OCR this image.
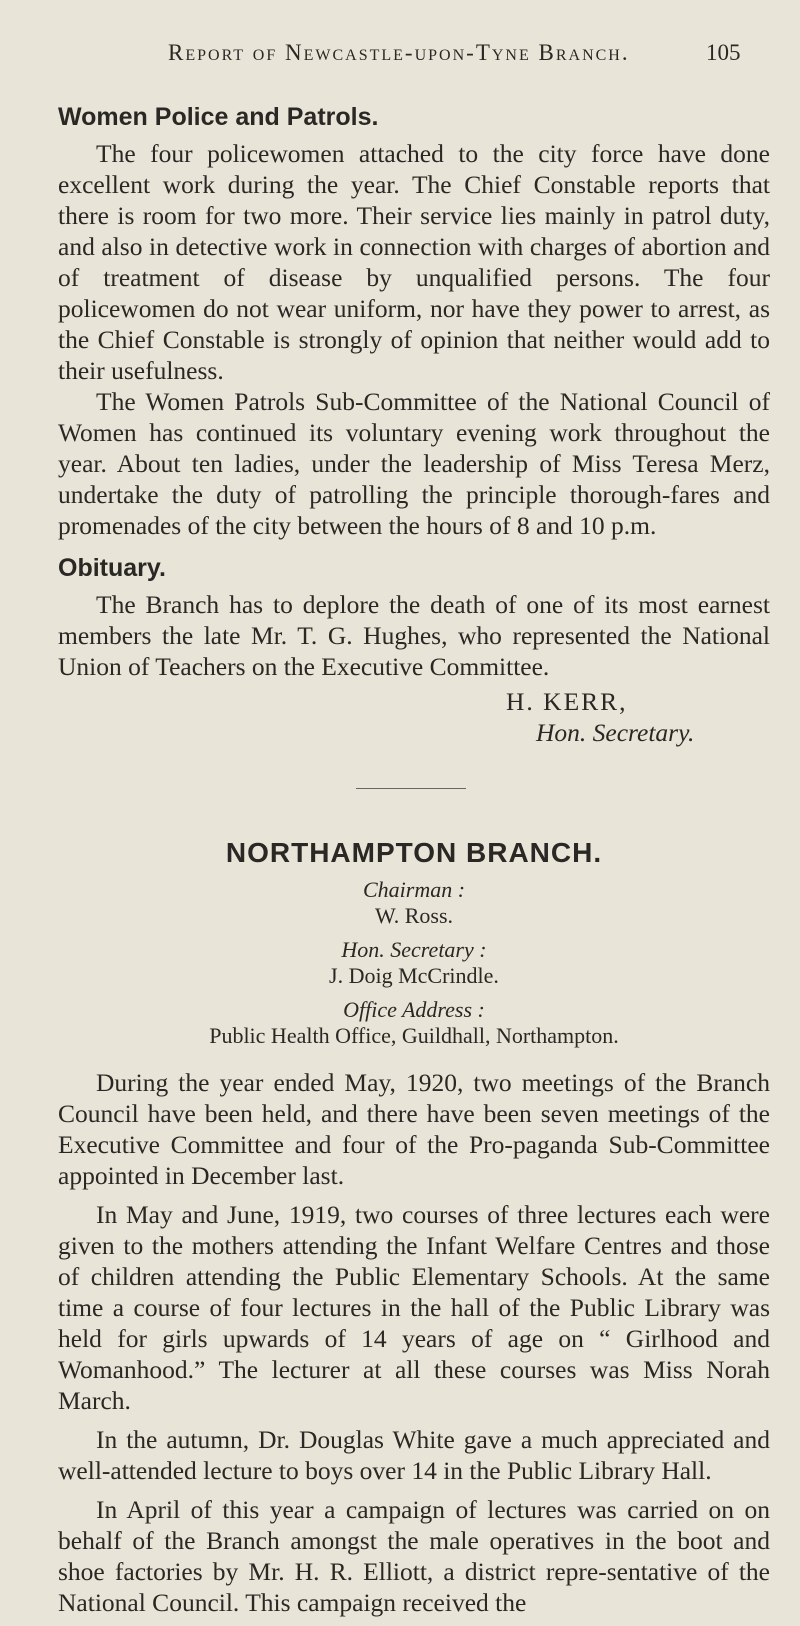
Report of Newcastle-upon-Tyne Branch.	105
Women Police and Patrols.

The four policewomen attached to the city force have done excellent work during the year. The Chief Constable reports that there is room for two more. Their service lies mainly in patrol duty, and also in detective work in connection with charges of abortion and of treatment of disease by unqualified persons. The four policewomen do not wear uniform, nor have they power to arrest, as the Chief Constable is strongly of opinion that neither would add to their usefulness.

The Women Patrols Sub-Committee of the National Council of Women has continued its voluntary evening work throughout the year. About ten ladies, under the leadership of Miss Teresa Merz, undertake the duty of patrolling the principle thorough-fares and promenades of the city between the hours of 8 and 10 p.m.

Obituary.

The Branch has to deplore the death of one of its most earnest members the late Mr. T. G. Hughes, who represented the National Union of Teachers on the Executive Committee.

H. KERR,

Hon. Secretary.

NORTHAMPTON BRANCH.
Chairman :
W. Ross.
Hon. Secretary :
J. Doig McCrindle.
Office Address :
Public Health Office, Guildhall, Northampton.

During the year ended May, 1920, two meetings of the Branch Council have been held, and there have been seven meetings of the Executive Committee and four of the Pro-paganda Sub-Committee appointed in December last.

In May and June, 1919, two courses of three lectures each were given to the mothers attending the Infant Welfare Centres and those of children attending the Public Elementary Schools. At the same time a course of four lectures in the hall of the Public Library was held for girls upwards of 14 years of age on “ Girlhood and Womanhood.” The lecturer at all these courses was Miss Norah March.

In the autumn, Dr. Douglas White gave a much appreciated and well-attended lecture to boys over 14 in the Public Library Hall.

In April of this year a campaign of lectures was carried on on behalf of the Branch amongst the male operatives in the boot and shoe factories by Mr. H. R. Elliott, a district repre-sentative of the National Council. This campaign received the
